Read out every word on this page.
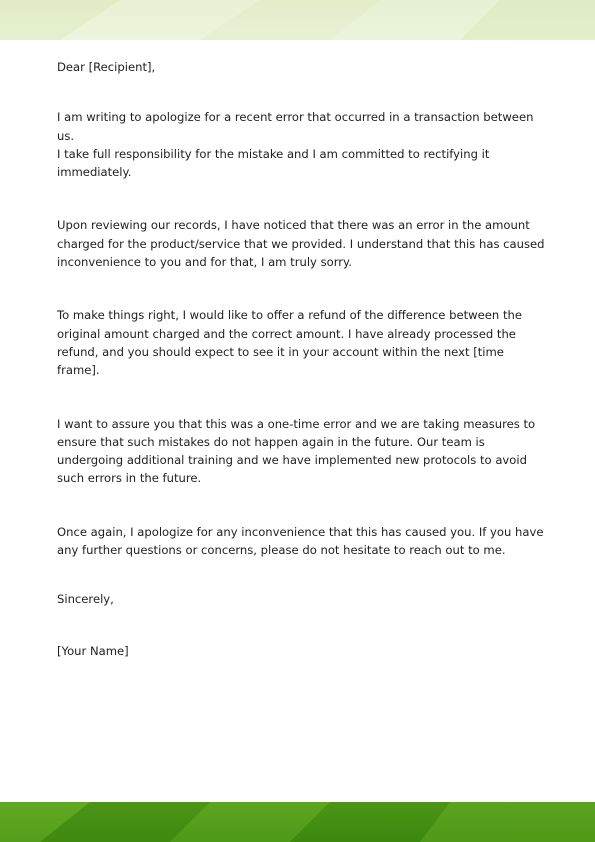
Dear [Recipient],

I am writing to apologize for a recent error that occurred in a transaction between us.
I take full responsibility for the mistake and I am committed to rectifying it
immediately.

Upon reviewing our records, I have noticed that there was an error in the amount
charged for the product/service that we provided. I understand that this has caused
inconvenience to you and for that, I am truly sorry.

To make things right, I would like to offer a refund of the difference between the
original amount charged and the correct amount. I have already processed the
refund, and you should expect to see it in your account within the next [time frame].

I want to assure you that this was a one-time error and we are taking measures to
ensure that such mistakes do not happen again in the future. Our team is
undergoing additional training and we have implemented new protocols to avoid
such errors in the future.

Once again, I apologize for any inconvenience that this has caused you. If you have
any further questions or concerns, please do not hesitate to reach out to me.

Sincerely,

[Your Name]
